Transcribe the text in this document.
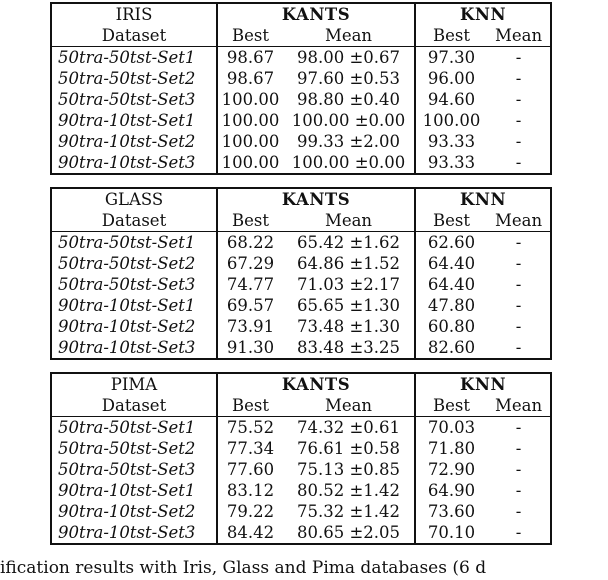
IRIS	KANTS		KNN	
Dataset	Best	Mean	Best	Mean
50tra-50tst-Set1	98.67	98.00 ±0.67	97.30	-
50tra-50tst-Set2	98.67	97.60 ±0.53	96.00	-
50tra-50tst-Set3	100.00	98.80 ±0.40	94.60	-
90tra-10tst-Set1	100.00	100.00 ±0.00	100.00	-
90tra-10tst-Set2	100.00	99.33 ±2.00	93.33	-
90tra-10tst-Set3	100.00	100.00 ±0.00	93.33	-
GLASS	KANTS		KNN	
Dataset	Best	Mean	Best	Mean
50tra-50tst-Set1	68.22	65.42 ±1.62	62.60	-
50tra-50tst-Set2	67.29	64.86 ±1.52	64.40	-
50tra-50tst-Set3	74.77	71.03 ±2.17	64.40	-
90tra-10tst-Set1	69.57	65.65 ±1.30	47.80	-
90tra-10tst-Set2	73.91	73.48 ±1.30	60.80	-
90tra-10tst-Set3	91.30	83.48 ±3.25	82.60	-
PIMA	KANTS		KNN	
Dataset	Best	Mean	Best	Mean
50tra-50tst-Set1	75.52	74.32 ±0.61	70.03	-
50tra-50tst-Set2	77.34	76.61 ±0.58	71.80	-
50tra-50tst-Set3	77.60	75.13 ±0.85	72.90	-
90tra-10tst-Set1	83.12	80.52 ±1.42	64.90	-
90tra-10tst-Set2	79.22	75.32 ±1.42	73.60	-
90tra-10tst-Set3	84.42	80.65 ±2.05	70.10	-
ification results with Iris, Glass and Pima databases (6 d
